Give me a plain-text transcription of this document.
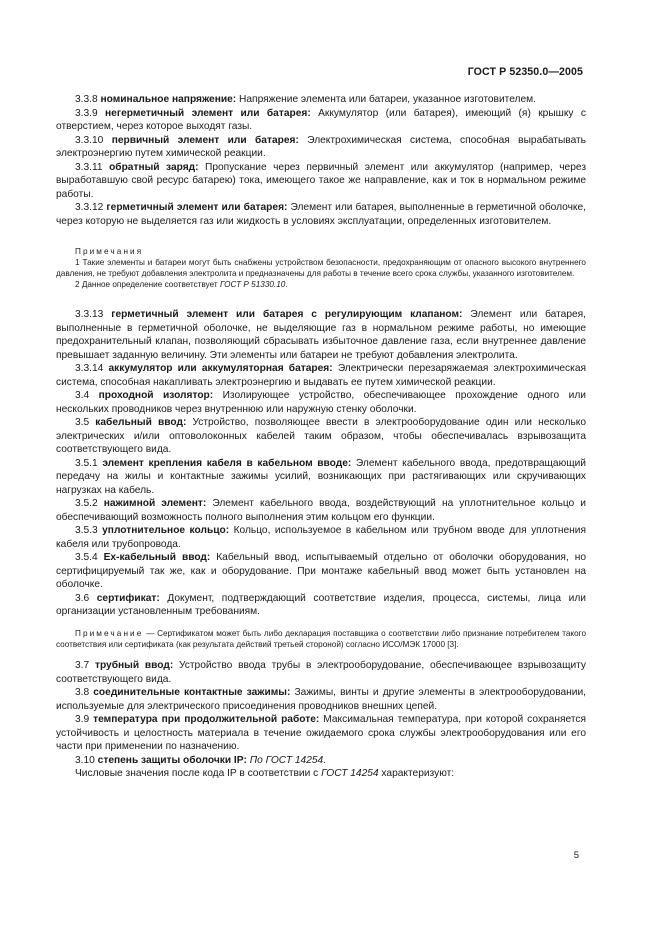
ГОСТ Р 52350.0—2005

3.3.8 номинальное напряжение: Напряжение элемента или батареи, указанное изготовителем.

3.3.9 негерметичный элемент или батарея: Аккумулятор (или батарея), имеющий (я) крышку с отверстием, через которое выходят газы.

3.3.10 первичный элемент или батарея: Электрохимическая система, способная вырабатывать электроэнергию путем химической реакции.

3.3.11 обратный заряд: Пропускание через первичный элемент или аккумулятор (например, через выработавшую свой ресурс батарею) тока, имеющего такое же направление, как и ток в нормальном режиме работы.

3.3.12 герметичный элемент или батарея: Элемент или батарея, выполненные в герметичной оболочке, через которую не выделяется газ или жидкость в условиях эксплуатации, определенных изготовителем.

Примечания

1 Такие элементы и батареи могут быть снабжены устройством безопасности, предохраняющим от опасного высокого внутреннего давления, не требуют добавления электролита и предназначены для работы в течение всего срока службы, указанного изготовителем.

2 Данное определение соответствует ГОСТ Р 51330.10.

3.3.13 герметичный элемент или батарея с регулирующим клапаном: Элемент или батарея, выполненные в герметичной оболочке, не выделяющие газ в нормальном режиме работы, но имеющие предохранительный клапан, позволяющий сбрасывать избыточное давление газа, если внутреннее давление превышает заданную величину. Эти элементы или батареи не требуют добавления электролита.

3.3.14 аккумулятор или аккумуляторная батарея: Электрически перезаряжаемая электрохимическая система, способная накапливать электроэнергию и выдавать ее путем химической реакции.

3.4 проходной изолятор: Изолирующее устройство, обеспечивающее прохождение одного или нескольких проводников через внутреннюю или наружную стенку оболочки.

3.5 кабельный ввод: Устройство, позволяющее ввести в электрооборудование один или несколько электрических и/или оптоволоконных кабелей таким образом, чтобы обеспечивалась взрывозащита соответствующего вида.

3.5.1 элемент крепления кабеля в кабельном вводе: Элемент кабельного ввода, предотвращающий передачу на жилы и контактные зажимы усилий, возникающих при растягивающих или скручивающих нагрузках на кабель.

3.5.2 нажимной элемент: Элемент кабельного ввода, воздействующий на уплотнительное кольцо и обеспечивающий возможность полного выполнения этим кольцом его функции.

3.5.3 уплотнительное кольцо: Кольцо, используемое в кабельном или трубном вводе для уплотнения кабеля или трубопровода.

3.5.4 Ex-кабельный ввод: Кабельный ввод, испытываемый отдельно от оболочки оборудования, но сертифицируемый так же, как и оборудование. При монтаже кабельный ввод может быть установлен на оболочке.

3.6 сертификат: Документ, подтверждающий соответствие изделия, процесса, системы, лица или организации установленным требованиям.

Примечание — Сертификатом может быть либо декларация поставщика о соответствии либо признание потребителем такого соответствия или сертификата (как результата действий третьей стороной) согласно ИСО/МЭК 17000 [3].

3.7 трубный ввод: Устройство ввода трубы в электрооборудование, обеспечивающее взрывозащиту соответствующего вида.

3.8 соединительные контактные зажимы: Зажимы, винты и другие элементы в электрооборудовании, используемые для электрического присоединения проводников внешних цепей.

3.9 температура при продолжительной работе: Максимальная температура, при которой сохраняется устойчивость и целостность материала в течение ожидаемого срока службы электрооборудования или его части при применении по назначению.

3.10 степень защиты оболочки IP: По ГОСТ 14254.

Числовые значения после кода IP в соответствии с ГОСТ 14254 характеризуют:

5
